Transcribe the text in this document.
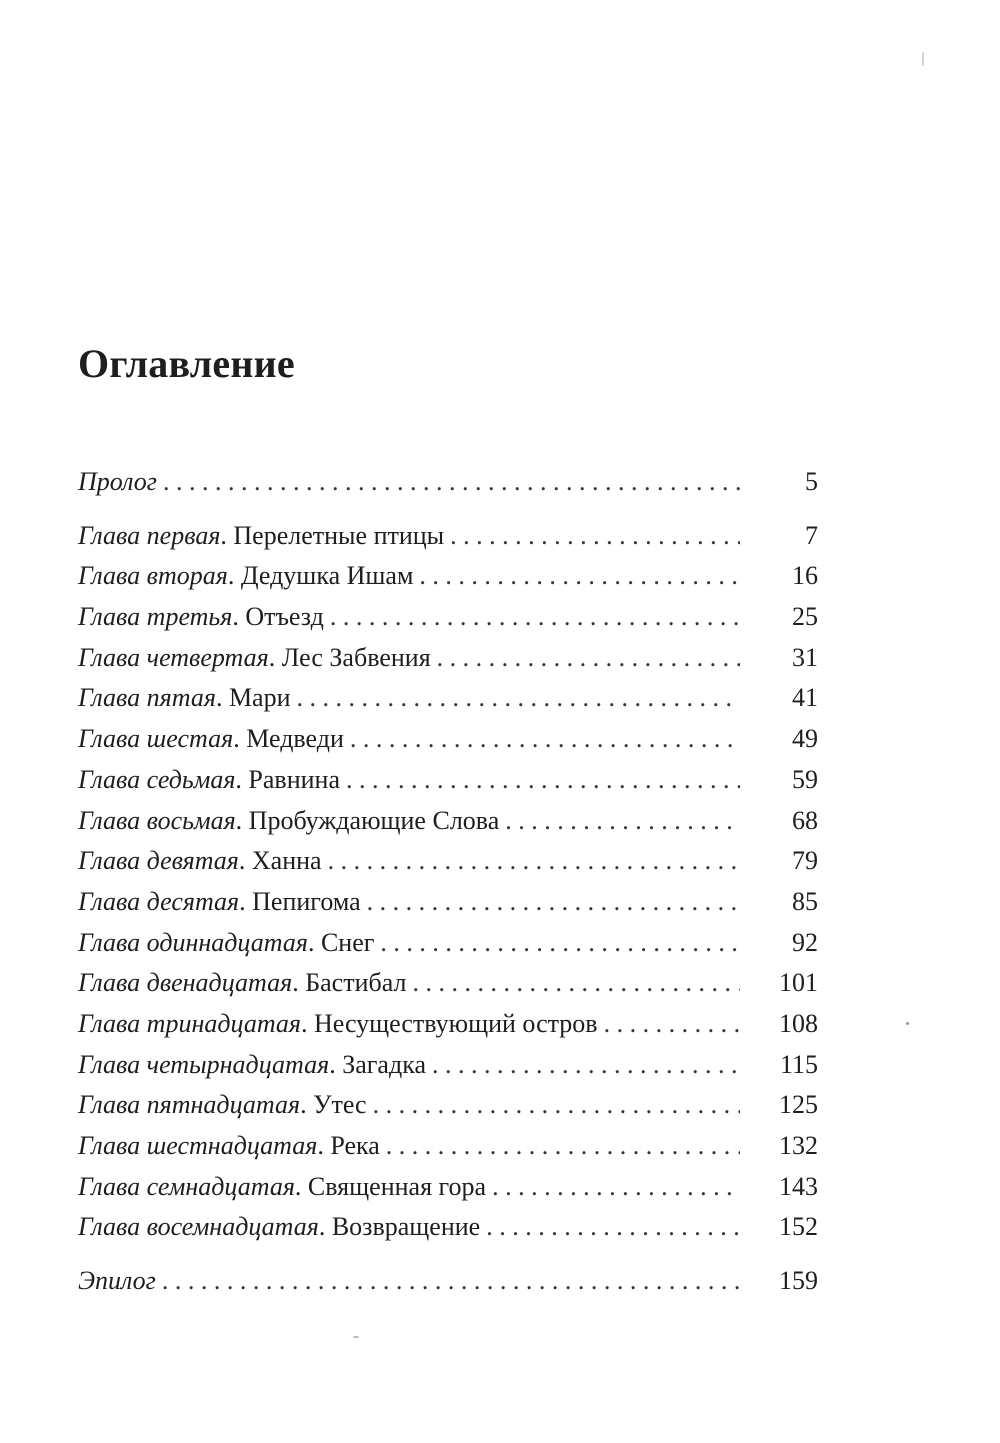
Оглавление
Пролог . . .	5
Глава первая. Перелетные птицы . . .	7
Глава вторая. Дедушка Ишам . . .	16
Глава третья. Отъезд . . .	25
Глава четвертая. Лес Забвения . . .	31
Глава пятая. Мари . . .	41
Глава шестая. Медведи . . .	49
Глава седьмая. Равнина . . .	59
Глава восьмая. Пробуждающие Слова . . .	68
Глава девятая. Ханна . . .	79
Глава десятая. Пепигома . . .	85
Глава одиннадцатая. Снег . . .	92
Глава двенадцатая. Бастибал . . .	101
Глава тринадцатая. Несуществующий остров . . .	108
Глава четырнадцатая. Загадка . . .	115
Глава пятнадцатая. Утес . . .	125
Глава шестнадцатая. Река . . .	132
Глава семнадцатая. Священная гора . . .	143
Глава восемнадцатая. Возвращение . . .	152
Эпилог . . .	159
